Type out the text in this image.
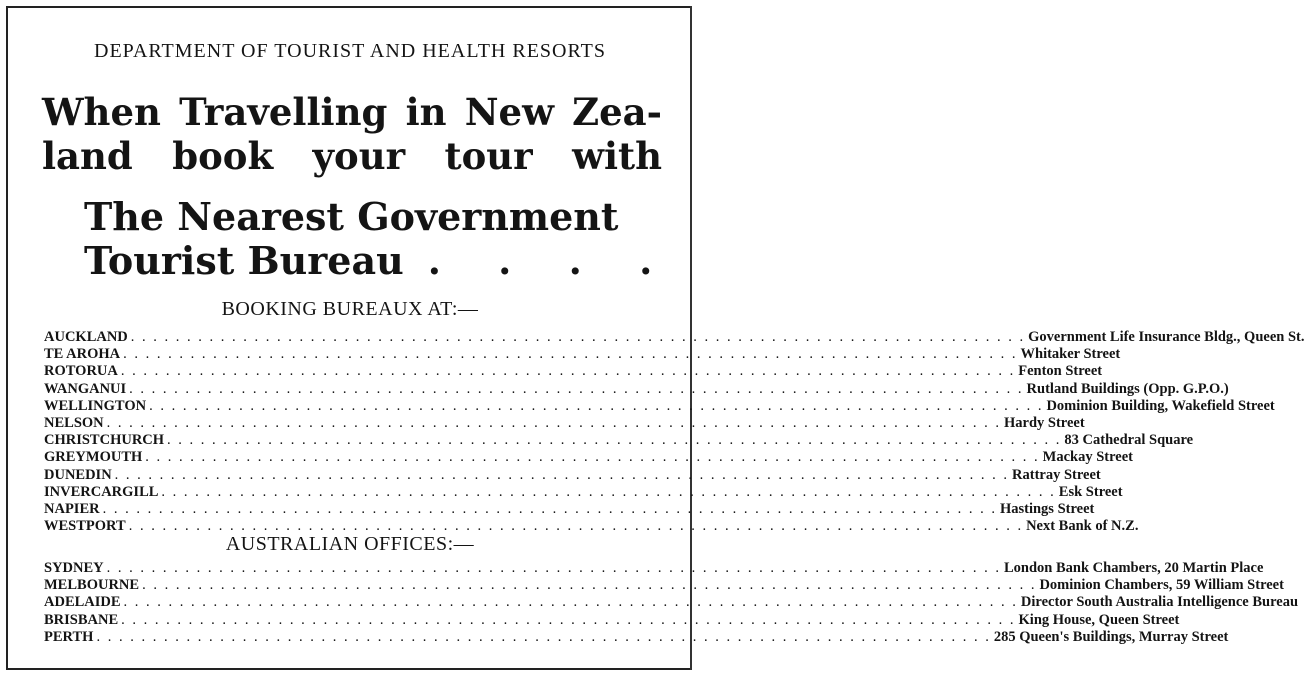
DEPARTMENT OF TOURIST AND HEALTH RESORTS
When Travelling in New Zea-
land book your tour with
The Nearest Government
Tourist Bureau . . . .
BOOKING BUREAUX AT:—
AUCKLAND . . . . . . . . . . . . . . . . . . . . . . . . . . . . . . . . . . . . . . . . . . . . . . . . . . . . . . . . . . . . . . . . . . . . . . . . . . . . . . . . Government Life Insurance Bldg., Queen St.
TE AROHA . . . . . . . . . . . . . . . . . . . . . . . . . . . . . . . . . . . . . . . . . . . . . . . . . . . . . . . . . . . . . . . . . . . . . . . . . . . . . . . . Whitaker Street
ROTORUA . . . . . . . . . . . . . . . . . . . . . . . . . . . . . . . . . . . . . . . . . . . . . . . . . . . . . . . . . . . . . . . . . . . . . . . . . . . . . . . . Fenton Street
WANGANUI . . . . . . . . . . . . . . . . . . . . . . . . . . . . . . . . . . . . . . . . . . . . . . . . . . . . . . . . . . . . . . . . . . . . . . . . . . . . . . . . Rutland Buildings (Opp. G.P.O.)
WELLINGTON . . . . . . . . . . . . . . . . . . . . . . . . . . . . . . . . . . . . . . . . . . . . . . . . . . . . . . . . . . . . . . . . . . . . . . . . . . . . . . . . Dominion Building, Wakefield Street
NELSON . . . . . . . . . . . . . . . . . . . . . . . . . . . . . . . . . . . . . . . . . . . . . . . . . . . . . . . . . . . . . . . . . . . . . . . . . . . . . . . . Hardy Street
CHRISTCHURCH . . . . . . . . . . . . . . . . . . . . . . . . . . . . . . . . . . . . . . . . . . . . . . . . . . . . . . . . . . . . . . . . . . . . . . . . . . . . . . . . 83 Cathedral Square
GREYMOUTH . . . . . . . . . . . . . . . . . . . . . . . . . . . . . . . . . . . . . . . . . . . . . . . . . . . . . . . . . . . . . . . . . . . . . . . . . . . . . . . . Mackay Street
DUNEDIN . . . . . . . . . . . . . . . . . . . . . . . . . . . . . . . . . . . . . . . . . . . . . . . . . . . . . . . . . . . . . . . . . . . . . . . . . . . . . . . . Rattray Street
INVERCARGILL . . . . . . . . . . . . . . . . . . . . . . . . . . . . . . . . . . . . . . . . . . . . . . . . . . . . . . . . . . . . . . . . . . . . . . . . . . . . . . . . Esk Street
NAPIER . . . . . . . . . . . . . . . . . . . . . . . . . . . . . . . . . . . . . . . . . . . . . . . . . . . . . . . . . . . . . . . . . . . . . . . . . . . . . . . . Hastings Street
WESTPORT . . . . . . . . . . . . . . . . . . . . . . . . . . . . . . . . . . . . . . . . . . . . . . . . . . . . . . . . . . . . . . . . . . . . . . . . . . . . . . . . Next Bank of N.Z.
AUSTRALIAN OFFICES:—
SYDNEY . . . . . . . . . . . . . . . . . . . . . . . . . . . . . . . . . . . . . . . . . . . . . . . . . . . . . . . . . . . . . . . . . . . . . . . . . . . . . . . . London Bank Chambers, 20 Martin Place
MELBOURNE . . . . . . . . . . . . . . . . . . . . . . . . . . . . . . . . . . . . . . . . . . . . . . . . . . . . . . . . . . . . . . . . . . . . . . . . . . . . . . . . Dominion Chambers, 59 William Street
ADELAIDE . . . . . . . . . . . . . . . . . . . . . . . . . . . . . . . . . . . . . . . . . . . . . . . . . . . . . . . . . . . . . . . . . . . . . . . . . . . . . . . . Director South Australia Intelligence Bureau
BRISBANE . . . . . . . . . . . . . . . . . . . . . . . . . . . . . . . . . . . . . . . . . . . . . . . . . . . . . . . . . . . . . . . . . . . . . . . . . . . . . . . . King House, Queen Street
PERTH . . . . . . . . . . . . . . . . . . . . . . . . . . . . . . . . . . . . . . . . . . . . . . . . . . . . . . . . . . . . . . . . . . . . . . . . . . . . . . . . 285 Queen's Buildings, Murray Street
